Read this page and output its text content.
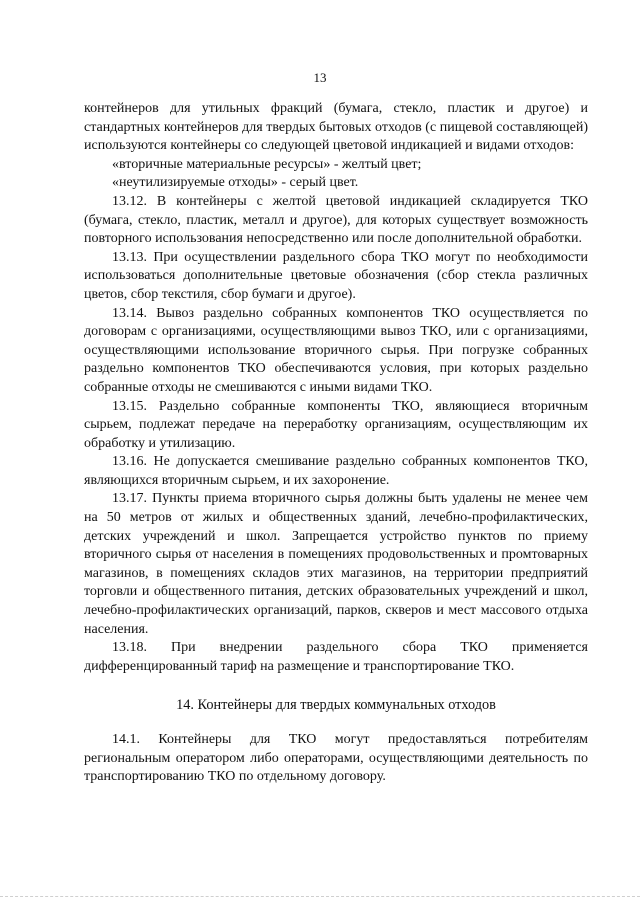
13

контейнеров для утильных фракций (бумага, стекло, пластик и другое) и стандартных контейнеров для твердых бытовых отходов (с пищевой составляющей) используются контейнеры со следующей цветовой индикацией и видами отходов:

«вторичные материальные ресурсы» - желтый цвет;

«неутилизируемые отходы» - серый цвет.

13.12. В контейнеры с желтой цветовой индикацией складируется ТКО (бумага, стекло, пластик, металл и другое), для которых существует возможность повторного использования непосредственно или после дополнительной обработки.

13.13. При осуществлении раздельного сбора ТКО могут по необходимости использоваться дополнительные цветовые обозначения (сбор стекла различных цветов, сбор текстиля, сбор бумаги и другое).

13.14. Вывоз раздельно собранных компонентов ТКО осуществляется по договорам с организациями, осуществляющими вывоз ТКО, или с организациями, осуществляющими использование вторичного сырья. При погрузке собранных раздельно компонентов ТКО обеспечиваются условия, при которых раздельно собранные отходы не смешиваются с иными видами ТКО.

13.15. Раздельно собранные компоненты ТКО, являющиеся вторичным сырьем, подлежат передаче на переработку организациям, осуществляющим их обработку и утилизацию.

13.16. Не допускается смешивание раздельно собранных компонентов ТКО, являющихся вторичным сырьем, и их захоронение.

13.17. Пункты приема вторичного сырья должны быть удалены не менее чем на 50 метров от жилых и общественных зданий, лечебно-профилактических, детских учреждений и школ. Запрещается устройство пунктов по приему вторичного сырья от населения в помещениях продовольственных и промтоварных магазинов, в помещениях складов этих магазинов, на территории предприятий торговли и общественного питания, детских образовательных учреждений и школ, лечебно-профилактических организаций, парков, скверов и мест массового отдыха населения.

13.18. При внедрении раздельного сбора ТКО применяется дифференцированный тариф на размещение и транспортирование ТКО.

14. Контейнеры для твердых коммунальных отходов

14.1. Контейнеры для ТКО могут предоставляться потребителям региональным оператором либо операторами, осуществляющими деятельность по транспортированию ТКО по отдельному договору.
